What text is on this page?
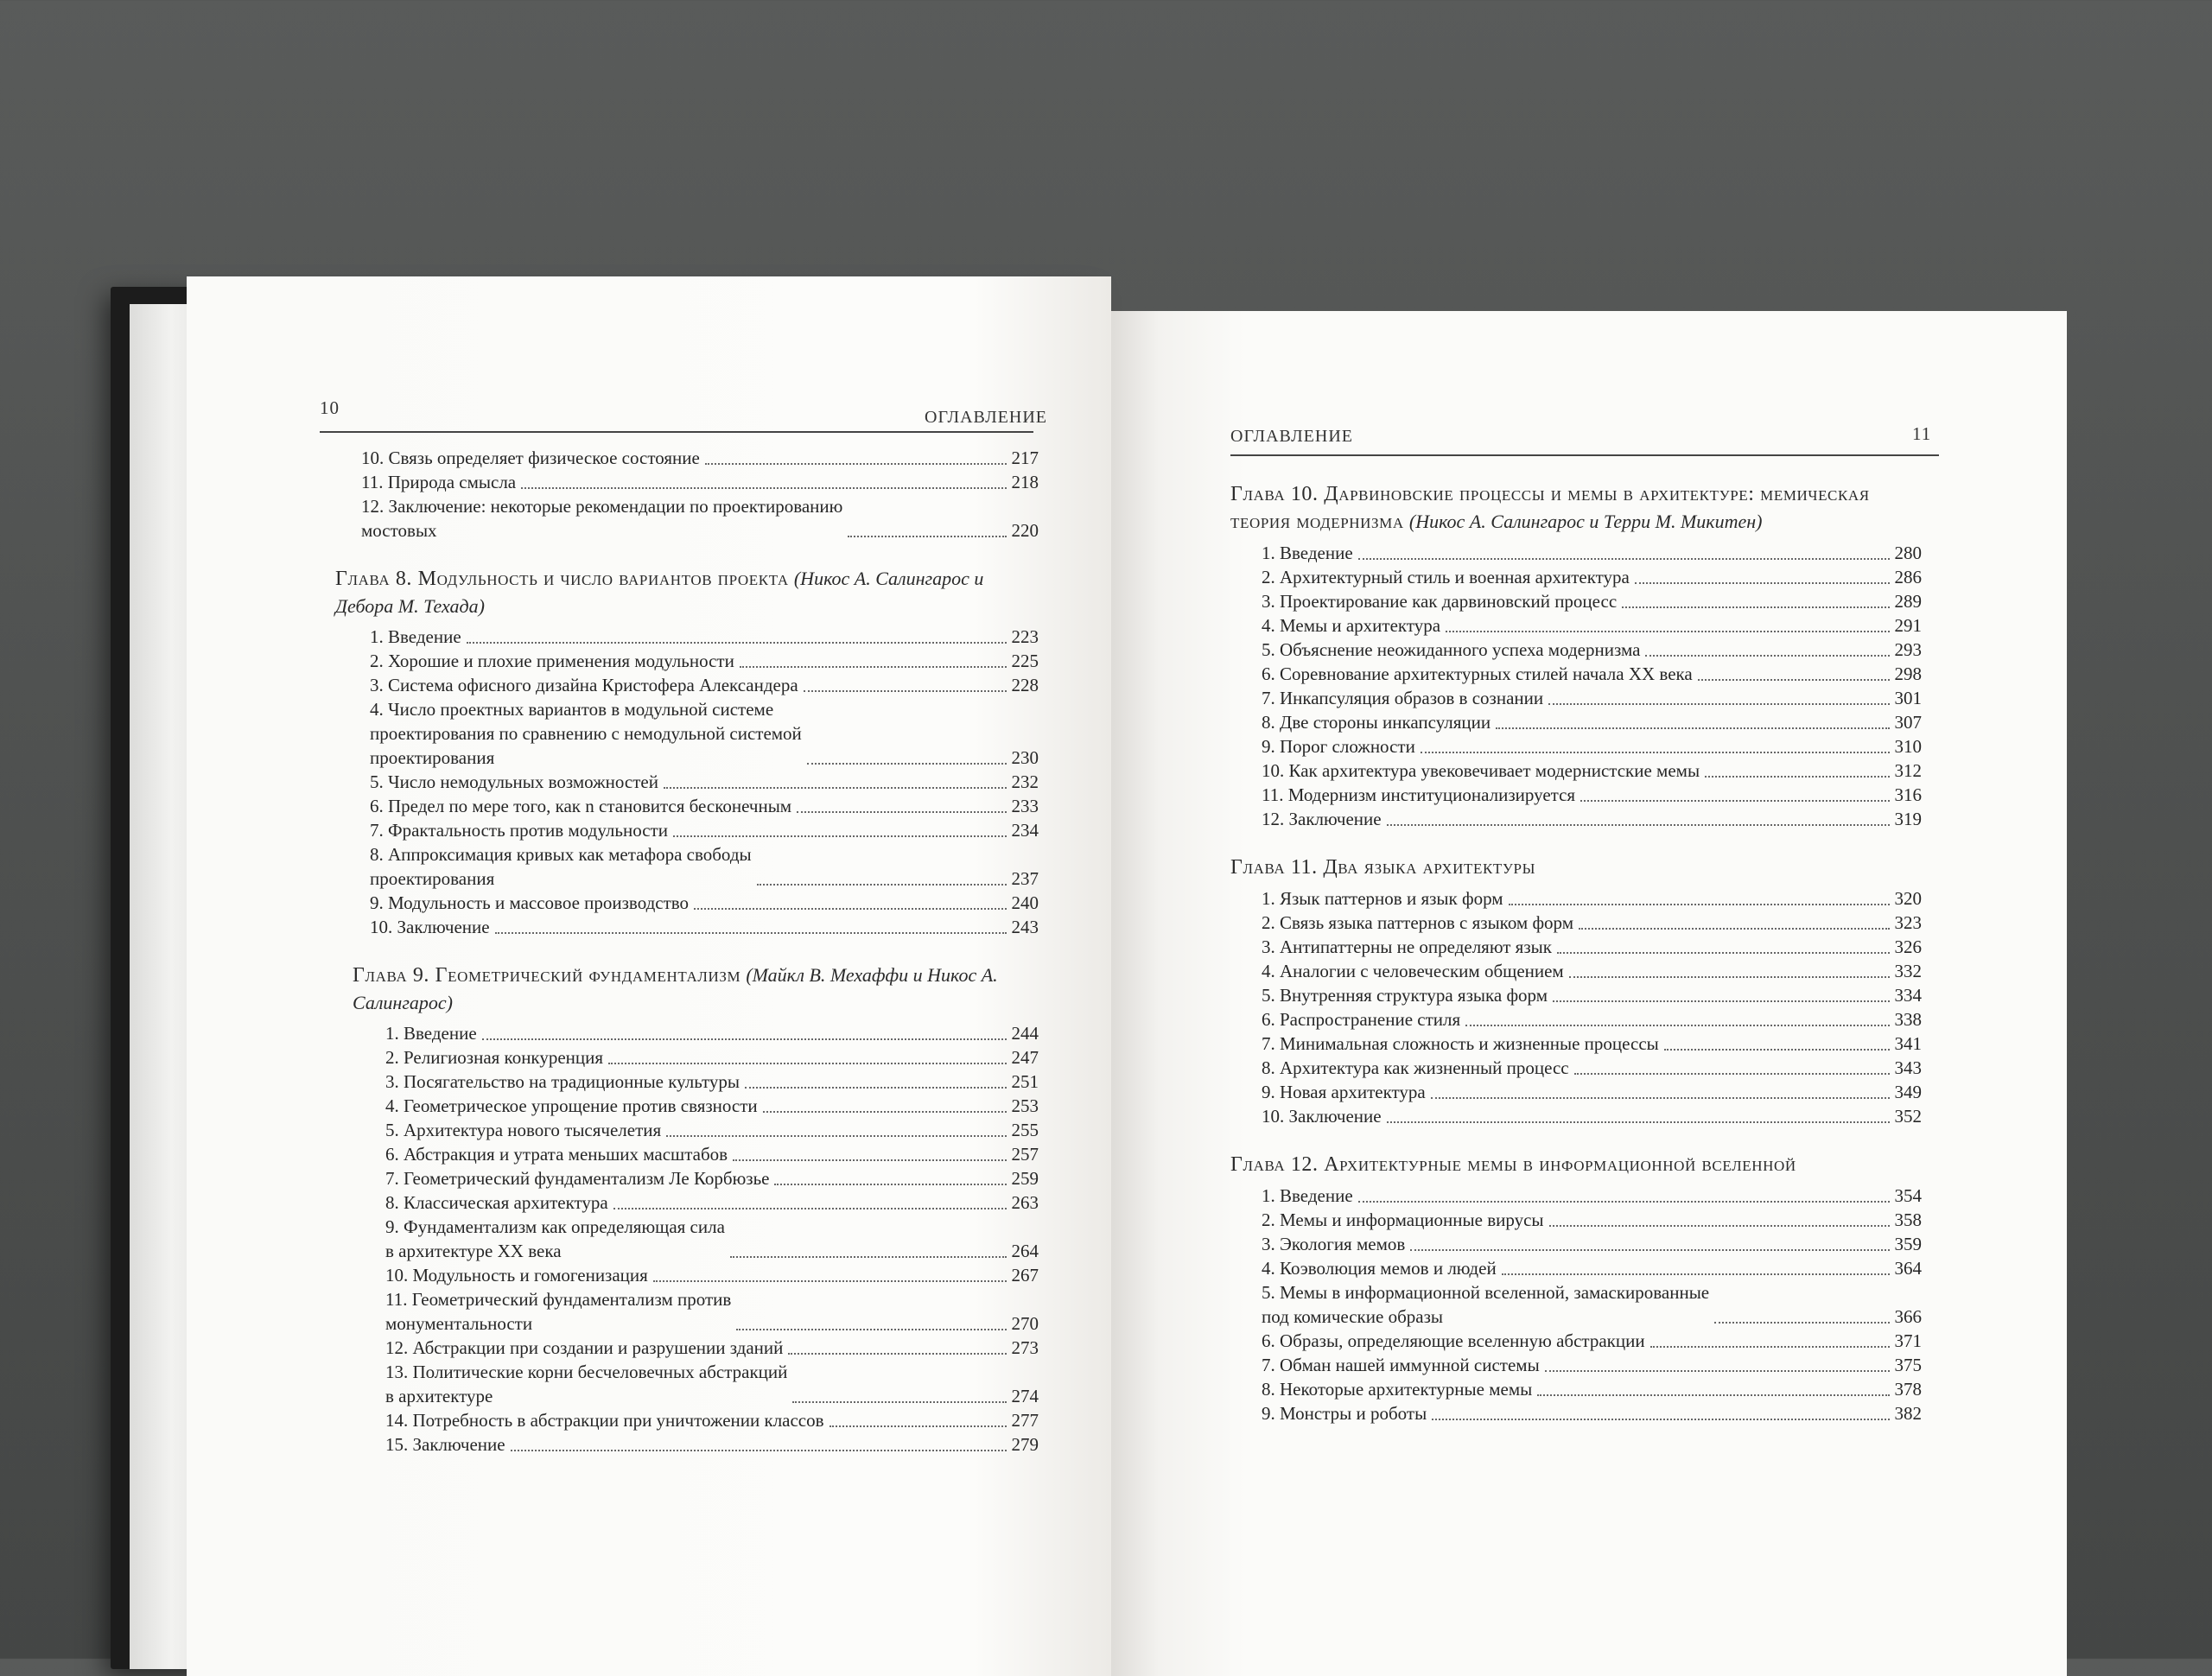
10	ОГЛАВЛЕНИЕ
10. Связь определяет физическое состояние	217
11. Природа смысла	218
12. Заключение: некоторые рекомендации по проектированию
мостовых	220
Глава 8. Модульность и число вариантов проекта (Никос А. Салингарос и Дебора М. Техада)
1. Введение	223
2. Хорошие и плохие применения модульности	225
3. Система офисного дизайна Кристофера Александера	228
4. Число проектных вариантов в модульной системе
проектирования по сравнению с немодульной системой
проектирования	230
5. Число немодульных возможностей	232
6. Предел по мере того, как n становится бесконечным	233
7. Фрактальность против модульности	234
8. Аппроксимация кривых как метафора свободы
проектирования	237
9. Модульность и массовое производство	240
10. Заключение	243
Глава 9. Геометрический фундаментализм (Майкл В. Мехаффи и Никос А. Салингарос)
1. Введение	244
2. Религиозная конкуренция	247
3. Посягательство на традиционные культуры	251
4. Геометрическое упрощение против связности	253
5. Архитектура нового тысячелетия	255
6. Абстракция и утрата меньших масштабов	257
7. Геометрический фундаментализм Ле Корбюзье	259
8. Классическая архитектура	263
9. Фундаментализм как определяющая сила
в архитектуре XX века	264
10. Модульность и гомогенизация	267
11. Геометрический фундаментализм против
монументальности	270
12. Абстракции при создании и разрушении зданий	273
13. Политические корни бесчеловечных абстракций
в архитектуре	274
14. Потребность в абстракции при уничтожении классов	277
15. Заключение	279
ОГЛАВЛЕНИЕ	11
Глава 10. Дарвиновские процессы и мемы в архитектуре: мемическая теория модернизма (Никос А. Салингарос и Терри М. Микитен)
1. Введение	280
2. Архитектурный стиль и военная архитектура	286
3. Проектирование как дарвиновский процесс	289
4. Мемы и архитектура	291
5. Объяснение неожиданного успеха модернизма	293
6. Соревнование архитектурных стилей начала XX века	298
7. Инкапсуляция образов в сознании	301
8. Две стороны инкапсуляции	307
9. Порог сложности	310
10. Как архитектура увековечивает модернистские мемы	312
11. Модернизм институционализируется	316
12. Заключение	319
Глава 11. Два языка архитектуры
1. Язык паттернов и язык форм	320
2. Связь языка паттернов с языком форм	323
3. Антипаттерны не определяют язык	326
4. Аналогии с человеческим общением	332
5. Внутренняя структура языка форм	334
6. Распространение стиля	338
7. Минимальная сложность и жизненные процессы	341
8. Архитектура как жизненный процесс	343
9. Новая архитектура	349
10. Заключение	352
Глава 12. Архитектурные мемы в информационной вселенной
1. Введение	354
2. Мемы и информационные вирусы	358
3. Экология мемов	359
4. Коэволюция мемов и людей	364
5. Мемы в информационной вселенной, замаскированные
под комические образы	366
6. Образы, определяющие вселенную абстракции	371
7. Обман нашей иммунной системы	375
8. Некоторые архитектурные мемы	378
9. Монстры и роботы	382
